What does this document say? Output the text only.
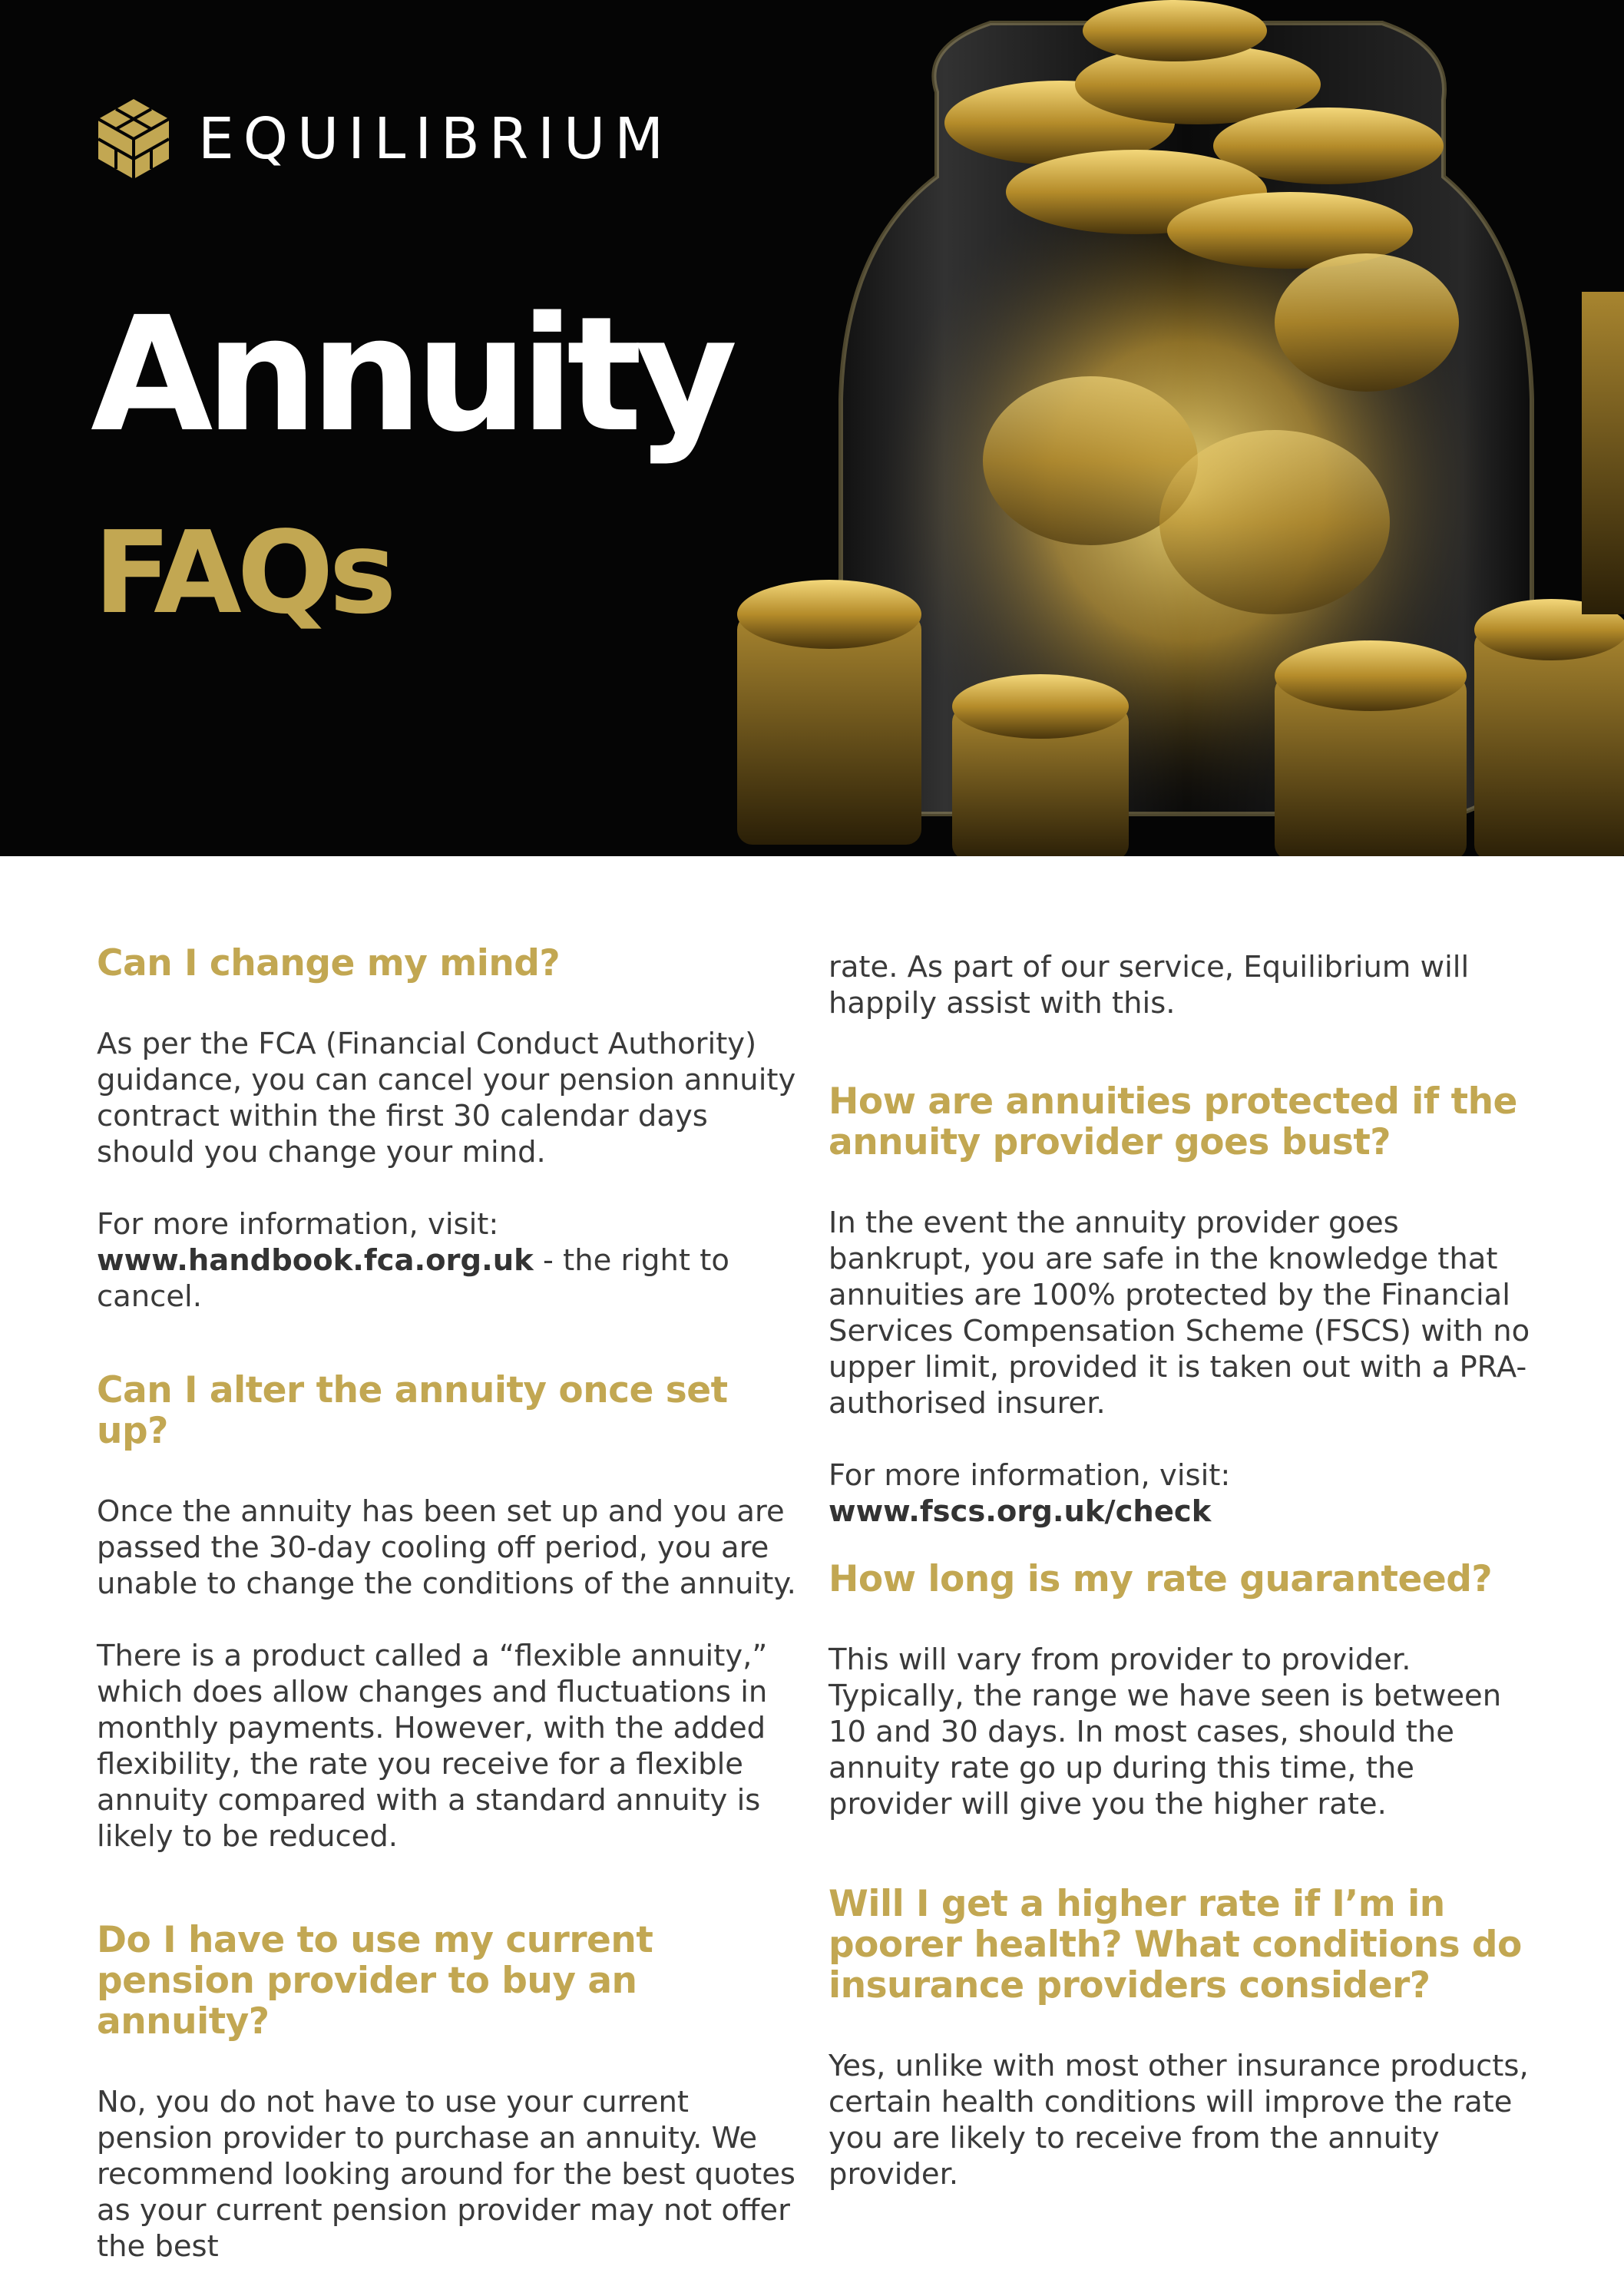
EQUILIBRIUM
Annuity
FAQs
Can I change my mind?

As per the FCA (Financial Conduct Authority) guidance, you can cancel your pension annuity contract within the first 30 calendar days should you change your mind.

For more information, visit:
www.handbook.fca.org.uk - the right to cancel.

Can I alter the annuity once set up?

Once the annuity has been set up and you are passed the 30-day cooling off period, you are unable to change the conditions of the annuity.

There is a product called a “flexible annuity,” which does allow changes and fluctuations in monthly payments. However, with the added flexibility, the rate you receive for a flexible annuity compared with a standard annuity is likely to be reduced.

Do I have to use my current pension provider to buy an annuity?

No, you do not have to use your current pension provider to purchase an annuity. We recommend looking around for the best quotes as your current pension provider may not offer the best

rate. As part of our service, Equilibrium will happily assist with this.

How are annuities protected if the annuity provider goes bust?

In the event the annuity provider goes bankrupt, you are safe in the knowledge that annuities are 100% protected by the Financial Services Compensation Scheme (FSCS) with no upper limit, provided it is taken out with a PRA-authorised insurer.

For more information, visit:
www.fscs.org.uk/check

How long is my rate guaranteed?

This will vary from provider to provider. Typically, the range we have seen is between 10 and 30 days. In most cases, should the annuity rate go up during this time, the provider will give you the higher rate.

Will I get a higher rate if I’m in poorer health? What conditions do insurance providers consider?

Yes, unlike with most other insurance products, certain health conditions will improve the rate you are likely to receive from the annuity provider.
